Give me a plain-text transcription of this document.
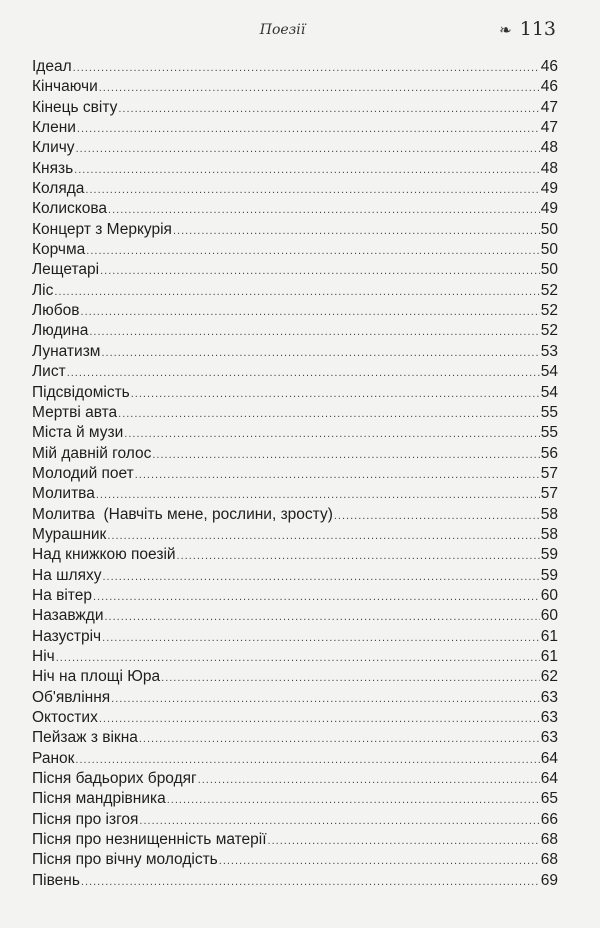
Поезії	❧ 113
Ідеал .....	46
Кінчаючи .....	46
Кінець світу .....	47
Клени .....	47
Кличу .....	48
Князь .....	48
Коляда .....	49
Колискова .....	49
Концерт з Меркурія .....	50
Корчма .....	50
Лещетарі .....	50
Ліс .....	52
Любов .....	52
Людина .....	52
Лунатизм .....	53
Лист .....	54
Підсвідомість .....	54
Мертві авта .....	55
Міста й музи .....	55
Мій давній голос .....	56
Молодий поет .....	57
Молитва .....	57
Молитва  (Навчіть мене, рослини, зросту) .....	58
Мурашник .....	58
Над книжкою поезій .....	59
На шляху .....	59
На вітер .....	60
Назавжди .....	60
Назустріч .....	61
Ніч .....	61
Ніч на площі Юра .....	62
Об'явління .....	63
Октостих .....	63
Пейзаж з вікна .....	63
Ранок .....	64
Пісня бадьорих бродяг .....	64
Пісня мандрівника .....	65
Пісня про ізгоя .....	66
Пісня про незнищенність матерії .....	68
Пісня про вічну молодість .....	68
Півень .....	69
